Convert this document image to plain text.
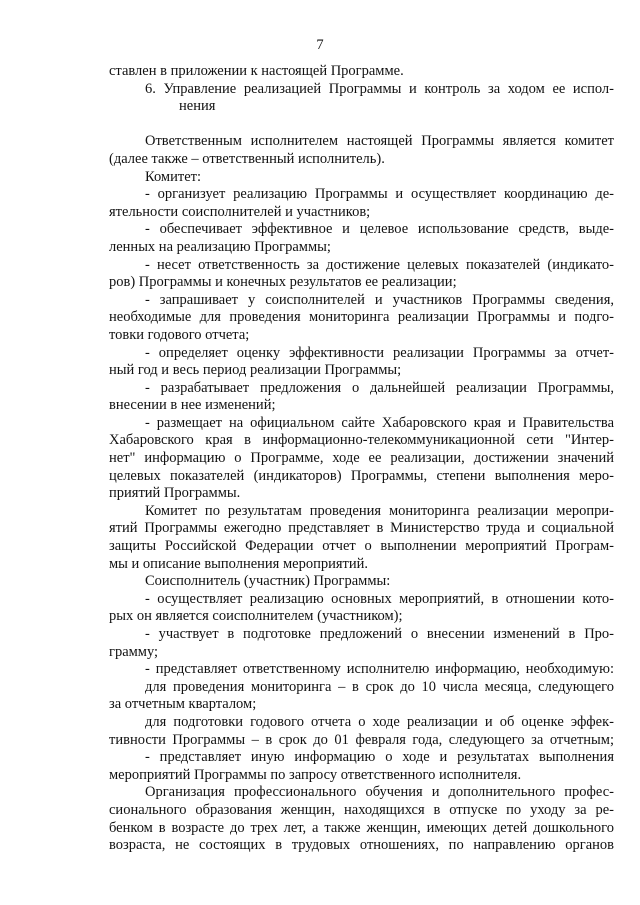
7
ставлен в приложении к настоящей Программе.
6. Управление реализацией Программы и контроль за ходом ее испол-
нения
Ответственным исполнителем настоящей Программы является комитет
(далее также – ответственный исполнитель).
Комитет:
- организует реализацию Программы и осуществляет координацию де-
ятельности соисполнителей и участников;
- обеспечивает эффективное и целевое использование средств, выде-
ленных на реализацию Программы;
- несет ответственность за достижение целевых показателей (индикато-
ров) Программы и конечных результатов ее реализации;
- запрашивает у соисполнителей и участников Программы сведения,
необходимые для проведения мониторинга реализации Программы и подго-
товки годового отчета;
- определяет оценку эффективности реализации Программы за отчет-
ный год и весь период реализации Программы;
- разрабатывает предложения о дальнейшей реализации Программы,
внесении в нее изменений;
- размещает на официальном сайте Хабаровского края и Правительства
Хабаровского края в информационно-телекоммуникационной сети "Интер-
нет" информацию о Программе, ходе ее реализации, достижении значений
целевых показателей (индикаторов) Программы, степени выполнения меро-
приятий Программы.
Комитет по результатам проведения мониторинга реализации меропри-
ятий Программы ежегодно представляет в Министерство труда и социальной
защиты Российской Федерации отчет о выполнении мероприятий Програм-
мы и описание выполнения мероприятий.
Соисполнитель (участник) Программы:
- осуществляет реализацию основных мероприятий, в отношении кото-
рых он является соисполнителем (участником);
- участвует в подготовке предложений о внесении изменений в Про-
грамму;
- представляет ответственному исполнителю информацию, необходимую:
для проведения мониторинга – в срок до 10 числа месяца, следующего
за отчетным кварталом;
для подготовки годового отчета о ходе реализации и об оценке эффек-
тивности Программы – в срок до 01 февраля года, следующего за отчетным;
- представляет иную информацию о ходе и результатах выполнения
мероприятий Программы по запросу ответственного исполнителя.
Организация профессионального обучения и дополнительного профес-
сионального образования женщин, находящихся в отпуске по уходу за ре-
бенком в возрасте до трех лет, а также женщин, имеющих детей дошкольного
возраста, не состоящих в трудовых отношениях, по направлению органов
